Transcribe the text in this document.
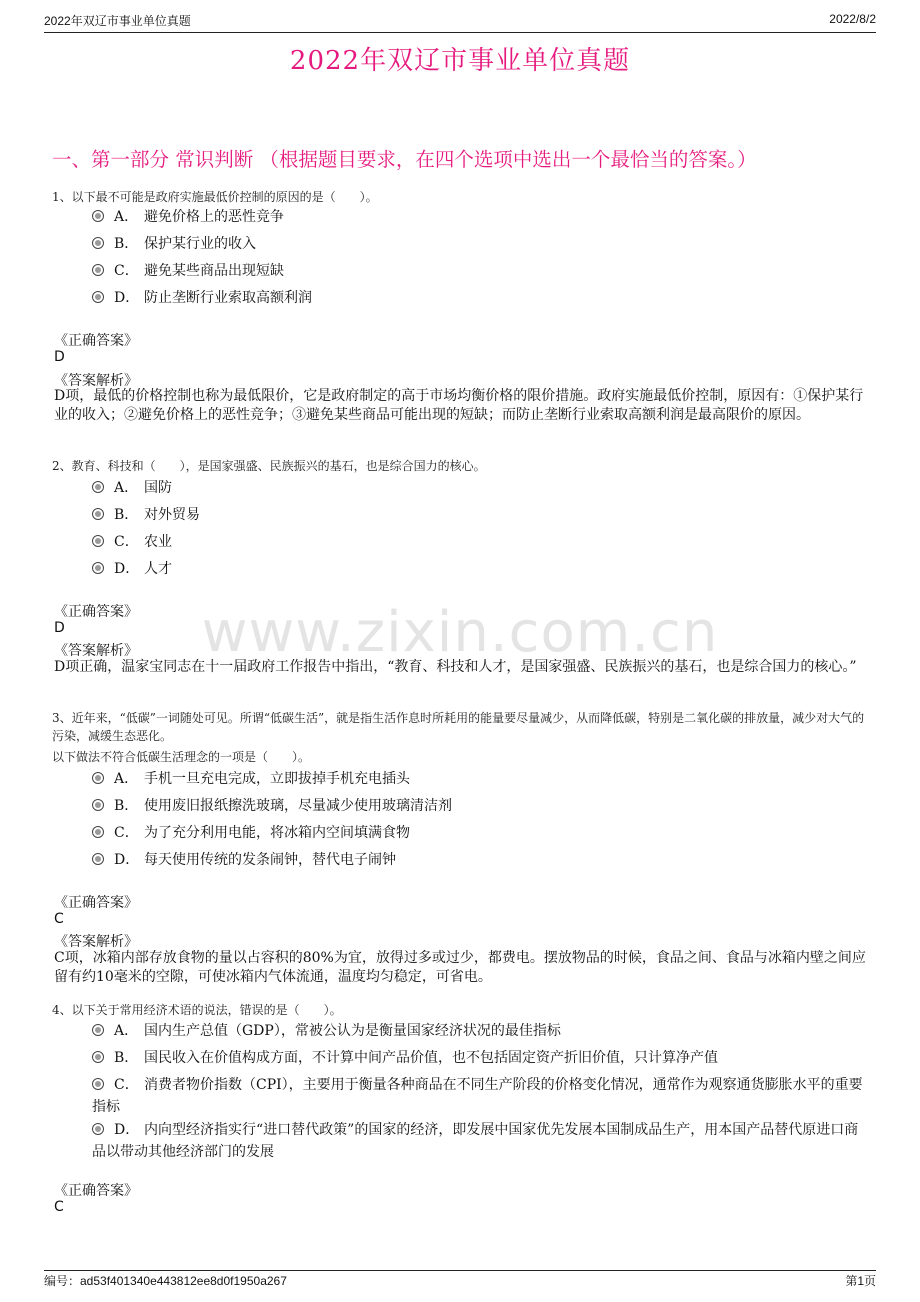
2022年双辽市事业单位真题	2022/8/2
2022年双辽市事业单位真题
一、第一部分 常识判断 （根据题目要求，在四个选项中选出一个最恰当的答案。）
www.zixin.com.cn
1、以下最不可能是政府实施最低价控制的原因的是（　　）。
A． 避免价格上的恶性竞争
B． 保护某行业的收入
C． 避免某些商品出现短缺
D． 防止垄断行业索取高额利润
《正确答案》
D
《答案解析》
D项，最低的价格控制也称为最低限价，它是政府制定的高于市场均衡价格的限价措施。政府实施最低价控制，原因有：①保护某行业的收入；②避免价格上的恶性竞争；③避免某些商品可能出现的短缺；而防止垄断行业索取高额利润是最高限价的原因。
2、教育、科技和（　　），是国家强盛、民族振兴的基石，也是综合国力的核心。
A． 国防
B． 对外贸易
C． 农业
D． 人才
《正确答案》
D
《答案解析》
D项正确，温家宝同志在十一届政府工作报告中指出，“教育、科技和人才，是国家强盛、民族振兴的基石，也是综合国力的核心。”
3、近年来，“低碳”一词随处可见。所谓“低碳生活”，就是指生活作息时所耗用的能量要尽量减少，从而降低碳，特别是二氧化碳的排放量，减少对大气的污染，减缓生态恶化。
以下做法不符合低碳生活理念的一项是（　　）。
A． 手机一旦充电完成，立即拔掉手机充电插头
B． 使用废旧报纸擦洗玻璃，尽量减少使用玻璃清洁剂
C． 为了充分利用电能，将冰箱内空间填满食物
D． 每天使用传统的发条闹钟，替代电子闹钟
《正确答案》
C
《答案解析》
C项，冰箱内部存放食物的量以占容积的80%为宜，放得过多或过少，都费电。摆放物品的时候，食品之间、食品与冰箱内壁之间应留有约10毫米的空隙，可使冰箱内气体流通，温度均匀稳定，可省电。
4、以下关于常用经济术语的说法，错误的是（　　）。
A． 国内生产总值（GDP），常被公认为是衡量国家经济状况的最佳指标
B． 国民收入在价值构成方面，不计算中间产品价值，也不包括固定资产折旧价值，只计算净产值
C． 消费者物价指数（CPI），主要用于衡量各种商品在不同生产阶段的价格变化情况，通常作为观察通货膨胀水平的重要指标
D． 内向型经济指实行“进口替代政策”的国家的经济，即发展中国家优先发展本国制成品生产，用本国产品替代原进口商品以带动其他经济部门的发展
《正确答案》
C
编号：ad53f401340e443812ee8d0f1950a267	第1页
